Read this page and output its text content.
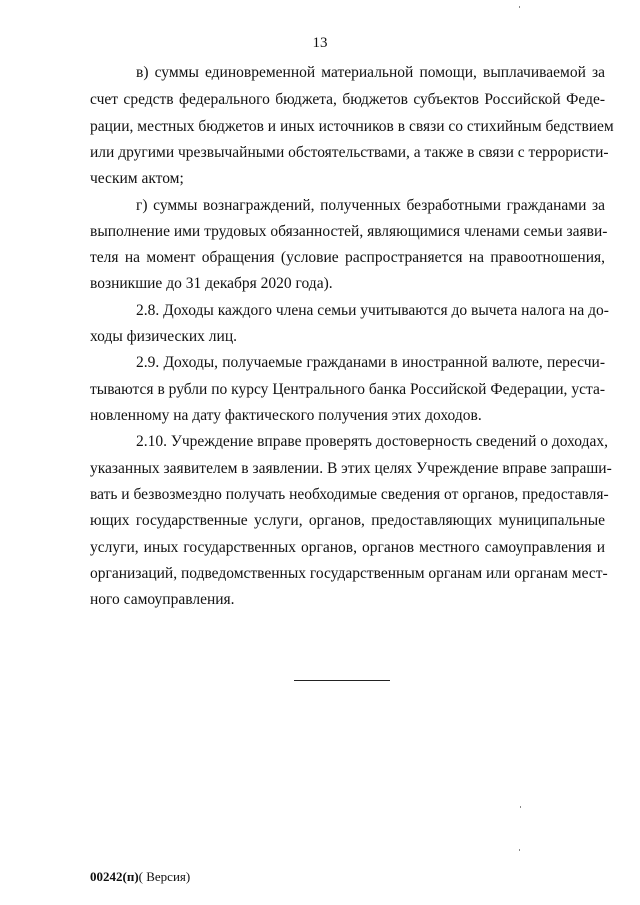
13
в) суммы единовременной материальной помощи, выплачиваемой за
счет средств федерального бюджета, бюджетов субъектов Российской Феде-
рации, местных бюджетов и иных источников в связи со стихийным бедствием
или другими чрезвычайными обстоятельствами, а также в связи с террористи-
ческим актом;
г) суммы вознаграждений, полученных безработными гражданами за
выполнение ими трудовых обязанностей, являющимися членами семьи заяви-
теля на момент обращения (условие распространяется на правоотношения,
возникшие до 31 декабря 2020 года).
2.8. Доходы каждого члена семьи учитываются до вычета налога на до-
ходы физических лиц.
2.9. Доходы, получаемые гражданами в иностранной валюте, пересчи-
тываются в рубли по курсу Центрального банка Российской Федерации, уста-
новленному на дату фактического получения этих доходов.
2.10. Учреждение вправе проверять достоверность сведений о доходах,
указанных заявителем в заявлении. В этих целях Учреждение вправе запраши-
вать и безвозмездно получать необходимые сведения от органов, предоставля-
ющих государственные услуги, органов, предоставляющих муниципальные
услуги, иных государственных органов, органов местного самоуправления и
организаций, подведомственных государственным органам или органам мест-
ного самоуправления.
00242(п)( Версия)
